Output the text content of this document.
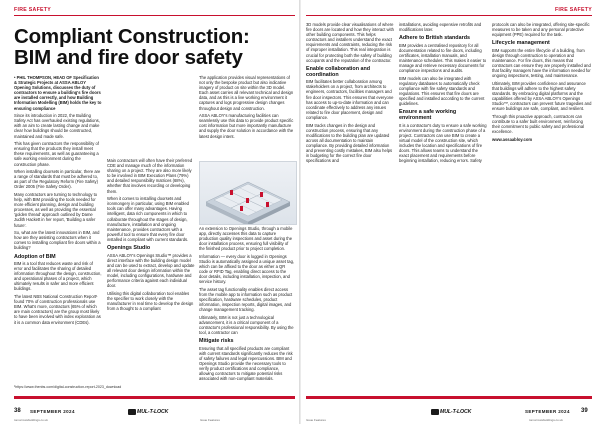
FIRE SAFETY
Compliant Construction:
BIM and fire door safety

• PHIL THOMPSON, HEAD OF Specification & Strategic Projects at ASSA ABLOY Opening Solutions, discusses the duty of contractors to ensure a building's fire doors are installed correctly, and how Building Information Modelling (BIM) holds the key to ensuring compliance

Since its introduction in 2022, the Building Safety Act has overhauled existing regulations, with an aim to create lasting change and make clear how buildings should be constructed, maintained and made safe.

This has given contractors the responsibility of ensuring that the products they install meet these requirements, as well as guaranteeing a safe working environment during the construction phase.

When installing doorsets in particular, there are a range of standards that must be adhered to, as part of the Regulatory Reform (Fire Safety) Order 2005 (Fire Safety Order).

Many contractors are turning to technology to help, with BIM providing the tools needed for more efficient planning, design and building processes, as well as providing the essential 'golden thread' approach outlined by Dame Judith Hackett in her report, 'Building a safer future'.

So, what are the latest innovations in BIM, and how are they assisting contractors when it comes to installing compliant fire doors within a building?

Adoption of BIM

BIM is a tool that reduces waste and risk of error and facilitates the sharing of detailed information throughout the design, construction, and operational phases of a project, which ultimately results in safer and more efficient buildings.

The latest NBS National Construction Report¹ found 70% of construction professionals use BIM. What's more, contractors (65% of which are main contractors) are the group most likely to have been involved with index exploration as it is a common data environment (CDEs).

Main contractors will often have their preferred CDE and manage much of the information sharing on a project. They are also more likely to be involved in BIM Execution Plans (79%) and detailed responsibility matrices (68%), whether that involves recording or developing them.

When it comes to installing doorsets and ironmongery in particular, using BIM enabled tools can offer many advantages. Having intelligent, data rich components in which to collaborate throughout the stages of design, manufacture, installation and ongoing maintenance, provides contractors with a powerful tool to ensure that every fire door installed is compliant with current standards.

Openings Studio

ASSA ABLOY's Openings Studio™ provides a direct interface with the building design model and can be used to extract, develop and update all relevant door design information within the model, including configurations, hardware and performance criteria against each individual door.

Utilising this digital collaboration tool enables the specifier to work closely with the manufacturer in real time to develop the design from a thought to a compliant

The application provides visual representations of not only the bespoke product but also indicative imagery of product on site within the 3D model. Each asset carries all relevant technical and design data, and as this is a live working environment it captures and logs progressive design changes throughout design and construction.

ASSA ABLOY's manufacturing facilities can seamlessly use this data to provide product specific cost information but more importantly manufacture and supply the door solution in accordance with the latest design intent.

An extension to Openings Studio, through a mobile app, directly accesses this data to capture production quality inspections and asset during the door installation process, ensuring full visibility of the finished product prior to project completion.

Information — every door is logged in Openings Studio is automatically assigned a unique asset tag, which can be affixed to the door as either a QR code or RFID Tag, enabling direct access to the door details, including installation, inspection, and service history.

The asset tag functionality enables direct access from the mobile app to information such as product specification, hardware schedules, product information, inspection reports, digital images, and change management tracking.

Ultimately, BIM is not just a technological advancement, it is a critical component of a contractor's professional responsibility. By using the tool, a contractor can

Mitigate risks

Ensuring that all specified products are compliant with current standards significantly reduces the risk of safety failures and legal repercussions. BIM and Openings Studio provide the necessary tools to verify product certifications and compliance, allowing contractors to mitigate potential risks associated with non-compliant materials.

¹https://www.thenbs.com/digital-construction-report-2023_download
38 SEPTEMBER 2024	MUL-T-LOCK
tomorrowsbuildings.co.uk	Issue Features
FIRE SAFETY

3D models provide clear visualisations of where fire doors are located and how they interact with other building components. This helps contractors and installers understand the exact requirements and constraints, reducing the risk of improper installation. This real integration is crucial for protecting both the safety of building occupants and the reputation of the contractor.

Enable collaboration and coordination

BIM facilitates better collaboration among stakeholders on a project, from architects to engineers, contractors, facilities managers and fire door inspectors. This ensures that everyone has access to up-to-date information and can coordinate effectively to address any issues related to fire door placement, design and compliance.

BIM tracks changes in the design and construction process, ensuring that any modifications to the building plan are updated across all documentation to maintain compliance. By providing detailed information and preventing costly mistakes, BIM also helps in budgeting for the correct fire door specifications and

installations, avoiding expensive retrofits and modifications later.

Adhere to British standards

BIM provides a centralised repository for all documentation related to fire doors, including certificates, installation manuals, and maintenance schedules. This makes it easier to manage and retrieve necessary documents for compliance inspections and audits.

BIM models can also be integrated with regulatory databases to automatically check compliance with fire safety standards and regulations. This ensures that fire doors are specified and installed according to the current guidelines.

Ensure a safe working environment

It is a contractor's duty to ensure a safe working environment during the construction phase of a project. Contractors can use BIM to create a virtual model of the construction site, which includes the location and specifications of fire doors. This allows teams to understand the exact placement and requirements before beginning installation, reducing errors. Safety

protocols can also be integrated, offering site-specific measures to be taken and any personal protective equipment (PPE) required for the task.

Lifecycle management

BIM supports the entire lifecycle of a building, from design through construction to operation and maintenance. For fire doors, this means that contractors can ensure they are properly installed and that facility managers have the information needed for ongoing inspections, testing, and maintenance.

Ultimately, BIM provides confidence and assurance that buildings will adhere to the highest safety standards. By embracing digital platforms and the capabilities offered by ASSA ABLOY's Openings Studio™, contractors can prevent future tragedies and ensure buildings are safe, compliant, and resilient.

Through this proactive approach, contractors can contribute to a safer built environment, reinforcing their commitment to public safety and professional excellence.

www.assaabloy.com

MUL-T-LOCK	SEPTEMBER 2024 39
Issue Features	tomorrowsbuildings.co.uk
